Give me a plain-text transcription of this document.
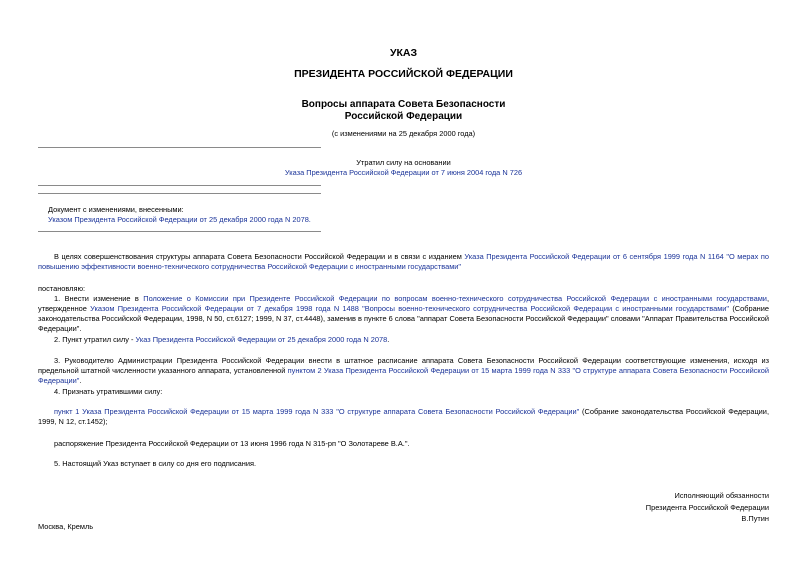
УКАЗ
ПРЕЗИДЕНТА РОССИЙСКОЙ ФЕДЕРАЦИИ
Вопросы аппарата Совета Безопасности
Российской Федерации
(с изменениями на 25 декабря 2000 года)
Утратил силу на основании
Указа Президента Российской Федерации от 7 июня 2004 года N 726
Документ с изменениями, внесенными:
Указом Президента Российской Федерации от 25 декабря 2000 года N 2078.
В целях совершенствования структуры аппарата Совета Безопасности Российской Федерации и в связи с изданием Указа Президента Российской Федерации от 6 сентября 1999 года N 1164 "О мерах по повышению эффективности военно-технического сотрудничества Российской Федерации с иностранными государствами"
постановляю:
1. Внести изменение в Положение о Комиссии при Президенте Российской Федерации по вопросам военно-технического сотрудничества Российской Федерации с иностранными государствами, утвержденное Указом Президента Российской Федерации от 7 декабря 1998 года N 1488 "Вопросы военно-технического сотрудничества Российской Федерации с иностранными государствами" (Собрание законодательства Российской Федерации, 1998, N 50, ст.6127; 1999, N 37, ст.4448), заменив в пункте 6 слова "аппарат Совета Безопасности Российской Федерации" словами "Аппарат Правительства Российской Федерации".
2. Пункт утратил силу - Указ Президента Российской Федерации от 25 декабря 2000 года N 2078.
3. Руководителю Администрации Президента Российской Федерации внести в штатное расписание аппарата Совета Безопасности Российской Федерации соответствующие изменения, исходя из предельной штатной численности указанного аппарата, установленной пунктом 2 Указа Президента Российской Федерации от 15 марта 1999 года N 333 "О структуре аппарата Совета Безопасности Российской Федерации".
4. Признать утратившими силу:
пункт 1 Указа Президента Российской Федерации от 15 марта 1999 года N 333 "О структуре аппарата Совета Безопасности Российской Федерации" (Собрание законодательства Российской Федерации, 1999, N 12, ст.1452);
распоряжение Президента Российской Федерации от 13 июня 1996 года N 315-рп "О Золотареве В.А.".
5. Настоящий Указ вступает в силу со дня его подписания.
Исполняющий обязанности
Президента Российской Федерации
В.Путин
Москва, Кремль
